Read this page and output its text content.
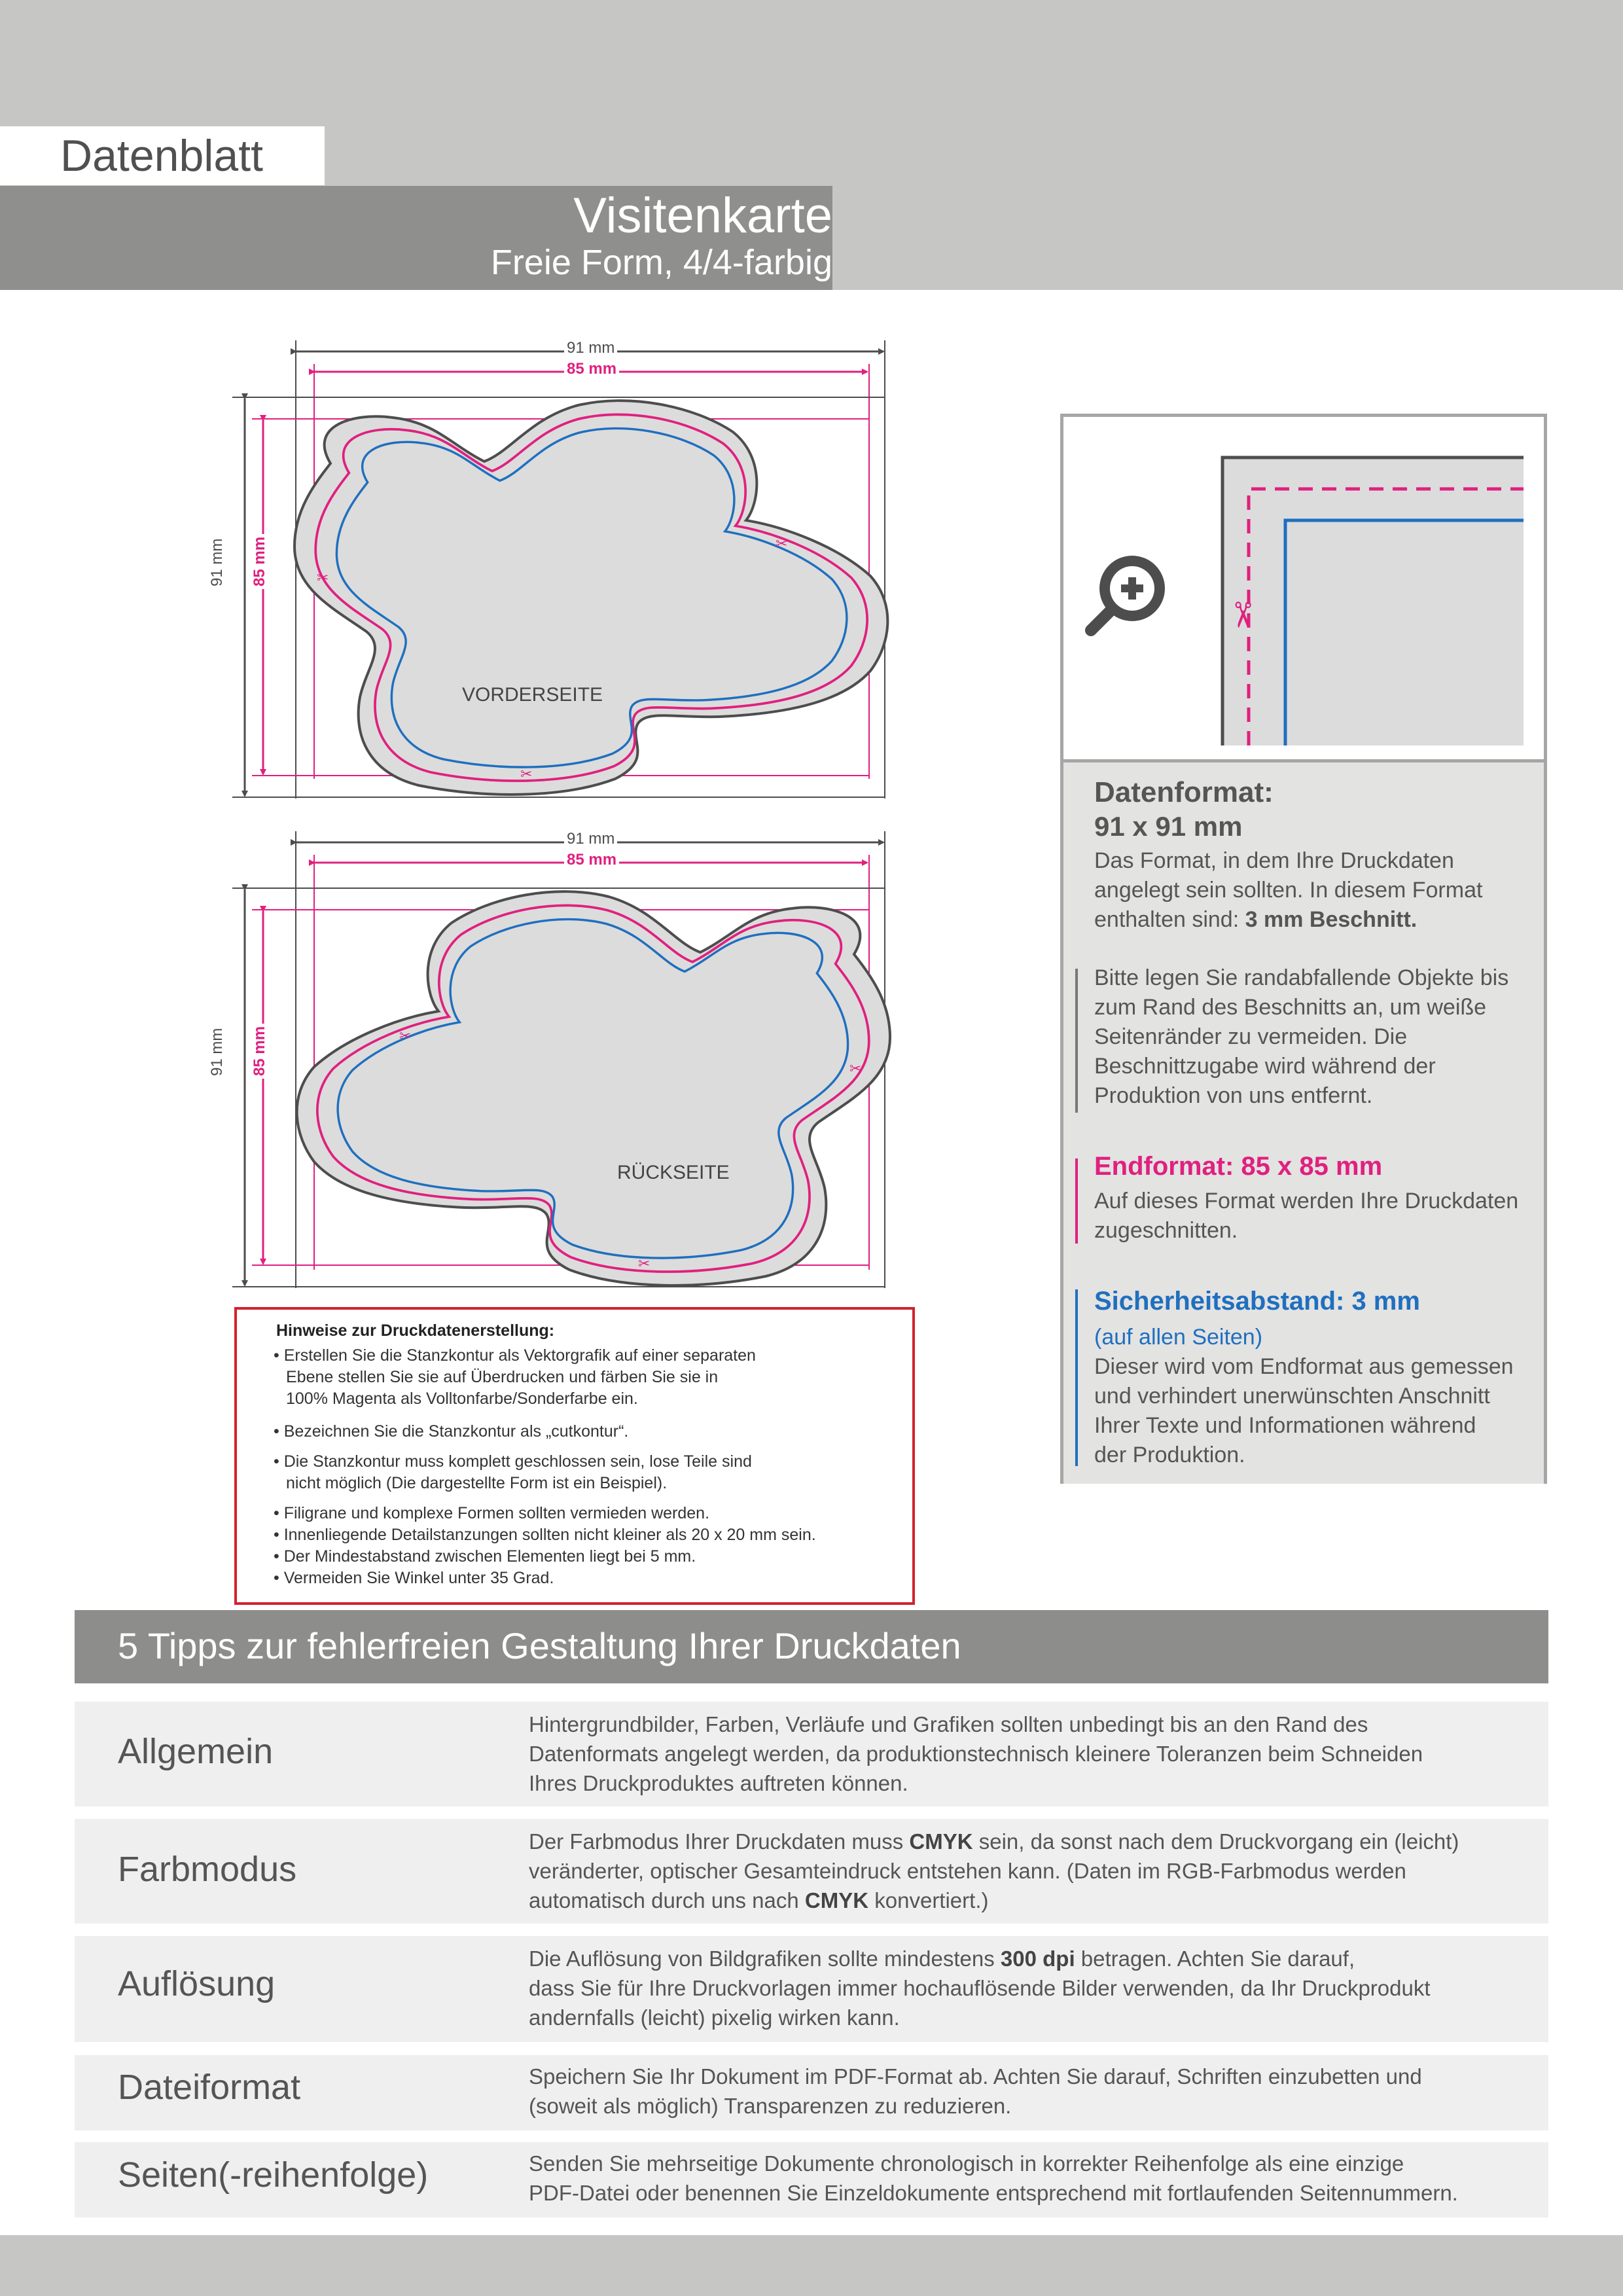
Datenblatt
Visitenkarte
Freie Form, 4/4-farbig
✂
✂
✂
✂
✂
✂
91 mm
85 mm
91 mm 85 mm
VORDERSEITE
91 mm
85 mm
91 mm 85 mm
RÜCKSEITE
Hinweise zur Druckdatenerstellung:
• Erstellen Sie die Stanzkontur als Vektorgrafik auf einer separaten
Ebene stellen Sie sie auf Überdrucken und färben Sie sie in
100% Magenta als Volltonfarbe/Sonderfarbe ein.
• Bezeichnen Sie die Stanzkontur als „cutkontur“.
• Die Stanzkontur muss komplett geschlossen sein, lose Teile sind
nicht möglich (Die dargestellte Form ist ein Beispiel).
• Filigrane und komplexe Formen sollten vermieden werden.
• Innenliegende Detailstanzungen sollten nicht kleiner als 20 x 20 mm sein.
• Der Mindestabstand zwischen Elementen liegt bei 5 mm.
• Vermeiden Sie Winkel unter 35 Grad.
✂
Datenformat:
91 x 91 mm
Das Format, in dem Ihre Druckdaten
angelegt sein sollten. In diesem Format
enthalten sind: 3 mm Beschnitt.
Bitte legen Sie randabfallende Objekte bis
zum Rand des Beschnitts an, um weiße
Seitenränder zu vermeiden. Die
Beschnittzugabe wird während der
Produktion von uns entfernt.
Endformat: 85 x 85 mm
Auf dieses Format werden Ihre Druckdaten
zugeschnitten.
Sicherheitsabstand: 3 mm
(auf allen Seiten)
Dieser wird vom Endformat aus gemessen
und verhindert unerwünschten Anschnitt
Ihrer Texte und Informationen während
der Produktion.
5 Tipps zur fehlerfreien Gestaltung Ihrer Druckdaten
Allgemein
Hintergrundbilder, Farben, Verläufe und Grafiken sollten unbedingt bis an den Rand des
Datenformats angelegt werden, da produktionstechnisch kleinere Toleranzen beim Schneiden
Ihres Druckproduktes auftreten können.
Farbmodus
Der Farbmodus Ihrer Druckdaten muss CMYK sein, da sonst nach dem Druckvorgang ein (leicht)
veränderter, optischer Gesamteindruck entstehen kann. (Daten im RGB-Farbmodus werden
automatisch durch uns nach CMYK konvertiert.)
Auflösung
Die Auflösung von Bildgrafiken sollte mindestens 300 dpi betragen. Achten Sie darauf,
dass Sie für Ihre Druckvorlagen immer hochauflösende Bilder verwenden, da Ihr Druckprodukt
andernfalls (leicht) pixelig wirken kann.
Dateiformat	Speichern Sie Ihr Dokument im PDF-Format ab. Achten Sie darauf, Schriften einzubetten und
(soweit als möglich) Transparenzen zu reduzieren.
Seiten(-reihenfolge)	Senden Sie mehrseitige Dokumente chronologisch in korrekter Reihenfolge als eine einzige
PDF-Datei oder benennen Sie Einzeldokumente entsprechend mit fortlaufenden Seitennummern.
